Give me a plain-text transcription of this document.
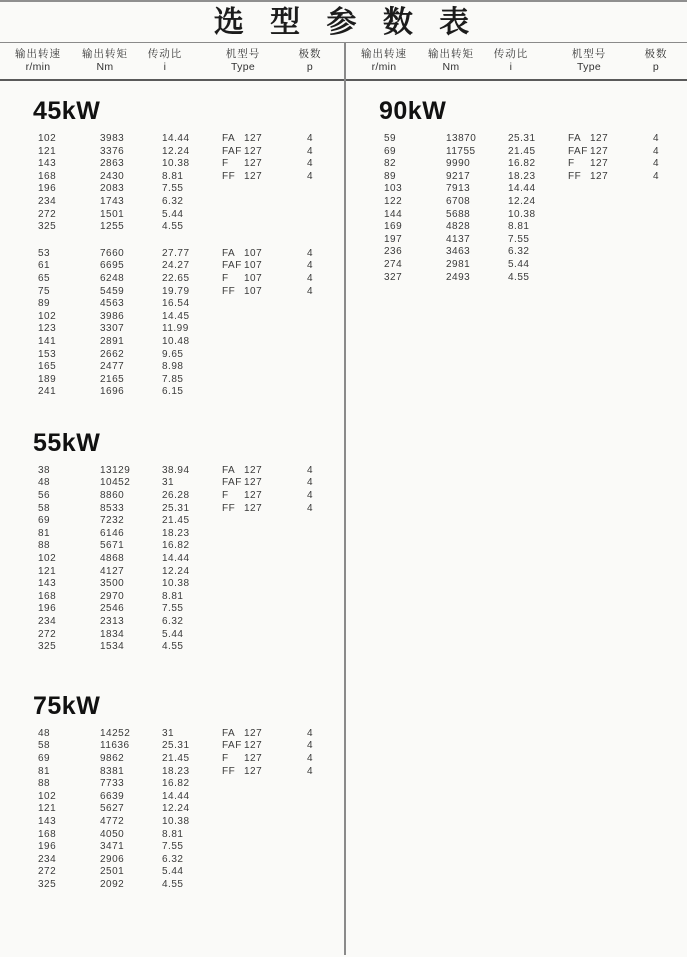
选 型 参 数 表
输出转速	输出转矩	传动比	机型号	极数
r/min	Nm	i	Type	p
45kW
102	3983	14.44	FA 127	4
121	3376	12.24	FAF 127	4
143	2863	10.38	F 127	4
168	2430	8.81	FF 127	4
196	2083	7.55
234	1743	6.32
272	1501	5.44
325	1255	4.55
53	7660	27.77	FA 107	4
61	6695	24.27	FAF 107	4
65	6248	22.65	F 107	4
75	5459	19.79	FF 107	4
89	4563	16.54
102	3986	14.45
123	3307	11.99
141	2891	10.48
153	2662	9.65
165	2477	8.98
189	2165	7.85
241	1696	6.15
55kW
38	13129	38.94	FA 127	4
48	10452	31	FAF 127	4
56	8860	26.28	F 127	4
58	8533	25.31	FF 127	4
69	7232	21.45
81	6146	18.23
88	5671	16.82
102	4868	14.44
121	4127	12.24
143	3500	10.38
168	2970	8.81
196	2546	7.55
234	2313	6.32
272	1834	5.44
325	1534	4.55
75kW
48	14252	31	FA 127	4
58	11636	25.31	FAF 127	4
69	9862	21.45	F 127	4
81	8381	18.23	FF 127	4
88	7733	16.82
102	6639	14.44
121	5627	12.24
143	4772	10.38
168	4050	8.81
196	3471	7.55
234	2906	6.32
272	2501	5.44
325	2092	4.55
输出转速	输出转矩	传动比	机型号	极数
r/min	Nm	i	Type	p
90kW
59	13870	25.31	FA 127	4
69	11755	21.45	FAF 127	4
82	9990	16.82	F 127	4
89	9217	18.23	FF 127	4
103	7913	14.44
122	6708	12.24
144	5688	10.38
169	4828	8.81
197	4137	7.55
236	3463	6.32
274	2981	5.44
327	2493	4.55
